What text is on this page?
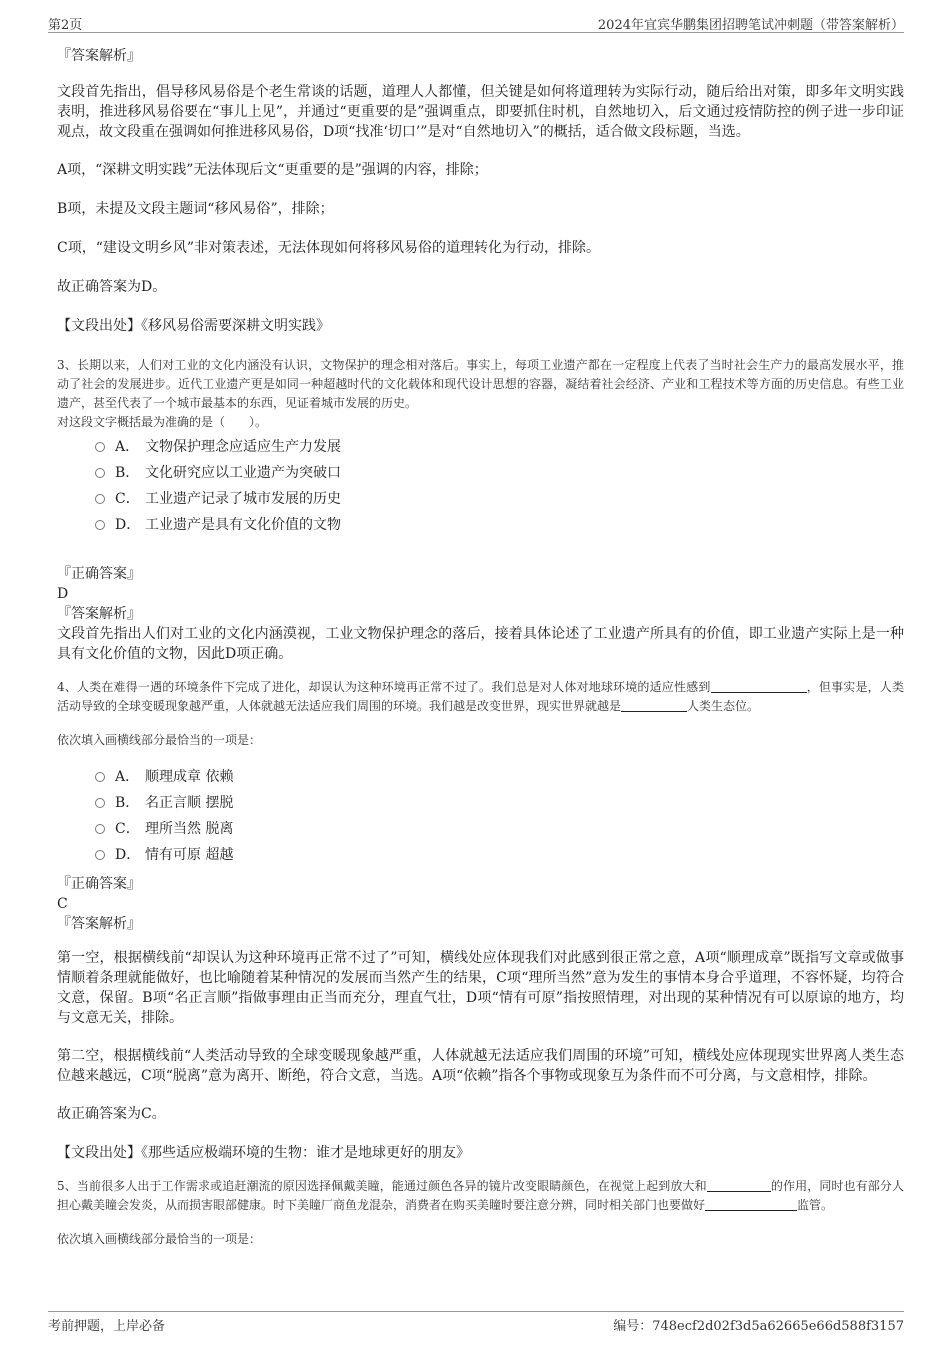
第2页	2024年宜宾华鹏集团招聘笔试冲刺题（带答案解析）

『答案解析』

文段首先指出，倡导移风易俗是个老生常谈的话题，道理人人都懂，但关键是如何将道理转为实际行动，随后给出对策，即多年文明实践表明，推进移风易俗要在“事儿上见”，并通过“更重要的是”强调重点，即要抓住时机，自然地切入，后文通过疫情防控的例子进一步印证观点，故文段重在强调如何推进移风易俗，D项“找准‘切口’”是对“自然地切入”的概括，适合做文段标题，当选。

A项，“深耕文明实践”无法体现后文“更重要的是”强调的内容，排除；

B项，未提及文段主题词“移风易俗”，排除；

C项，“建设文明乡风”非对策表述，无法体现如何将移风易俗的道理转化为行动，排除。

故正确答案为D。

【文段出处】《移风易俗需要深耕文明实践》

3、长期以来，人们对工业的文化内涵没有认识，文物保护的理念相对落后。事实上，每项工业遗产都在一定程度上代表了当时社会生产力的最高发展水平，推动了社会的发展进步。近代工业遗产更是如同一种超越时代的文化载体和现代设计思想的容器，凝结着社会经济、产业和工程技术等方面的历史信息。有些工业遗产，甚至代表了一个城市最基本的东西，见证着城市发展的历史。

对这段文字概括最为准确的是（　　）。

A． 文物保护理念应适应生产力发展
B． 文化研究应以工业遗产为突破口
C． 工业遗产记录了城市发展的历史
D． 工业遗产是具有文化价值的文物

『正确答案』

D

『答案解析』

文段首先指出人们对工业的文化内涵漠视，工业文物保护理念的落后，接着具体论述了工业遗产所具有的价值，即工业遗产实际上是一种具有文化价值的文物，因此D项正确。

4、人类在难得一遇的环境条件下完成了进化，却误认为这种环境再正常不过了。我们总是对人体对地球环境的适应性感到	，但事实是，人类活动导致的全球变暖现象越严重，人体就越无法适应我们周围的环境。我们越是改变世界，现实世界就越是	人类生态位。

依次填入画横线部分最恰当的一项是：

A． 顺理成章 依赖
B． 名正言顺 摆脱
C． 理所当然 脱离
D． 情有可原 超越

『正确答案』

C

『答案解析』

第一空，根据横线前“却误认为这种环境再正常不过了”可知，横线处应体现我们对此感到很正常之意，A项“顺理成章”既指写文章或做事情顺着条理就能做好，也比喻随着某种情况的发展而当然产生的结果，C项“理所当然”意为发生的事情本身合乎道理，不容怀疑，均符合文意，保留。B项“名正言顺”指做事理由正当而充分，理直气壮，D项“情有可原”指按照情理，对出现的某种情况有可以原谅的地方，均与文意无关，排除。

第二空，根据横线前“人类活动导致的全球变暖现象越严重，人体就越无法适应我们周围的环境”可知，横线处应体现现实世界离人类生态位越来越远，C项“脱离”意为离开、断绝，符合文意，当选。A项“依赖”指各个事物或现象互为条件而不可分离，与文意相悖，排除。

故正确答案为C。

【文段出处】《那些适应极端环境的生物：谁才是地球更好的朋友》

5、当前很多人出于工作需求或追赶潮流的原因选择佩戴美瞳，能通过颜色各异的镜片改变眼睛颜色，在视觉上起到放大和	的作用，同时也有部分人担心戴美瞳会发炎，从而损害眼部健康。时下美瞳厂商鱼龙混杂，消费者在购买美瞳时要注意分辨，同时相关部门也要做好	监管。

依次填入画横线部分最恰当的一项是：

考前押题，上岸必备	编号：748ecf2d02f3d5a62665e66d588f3157
